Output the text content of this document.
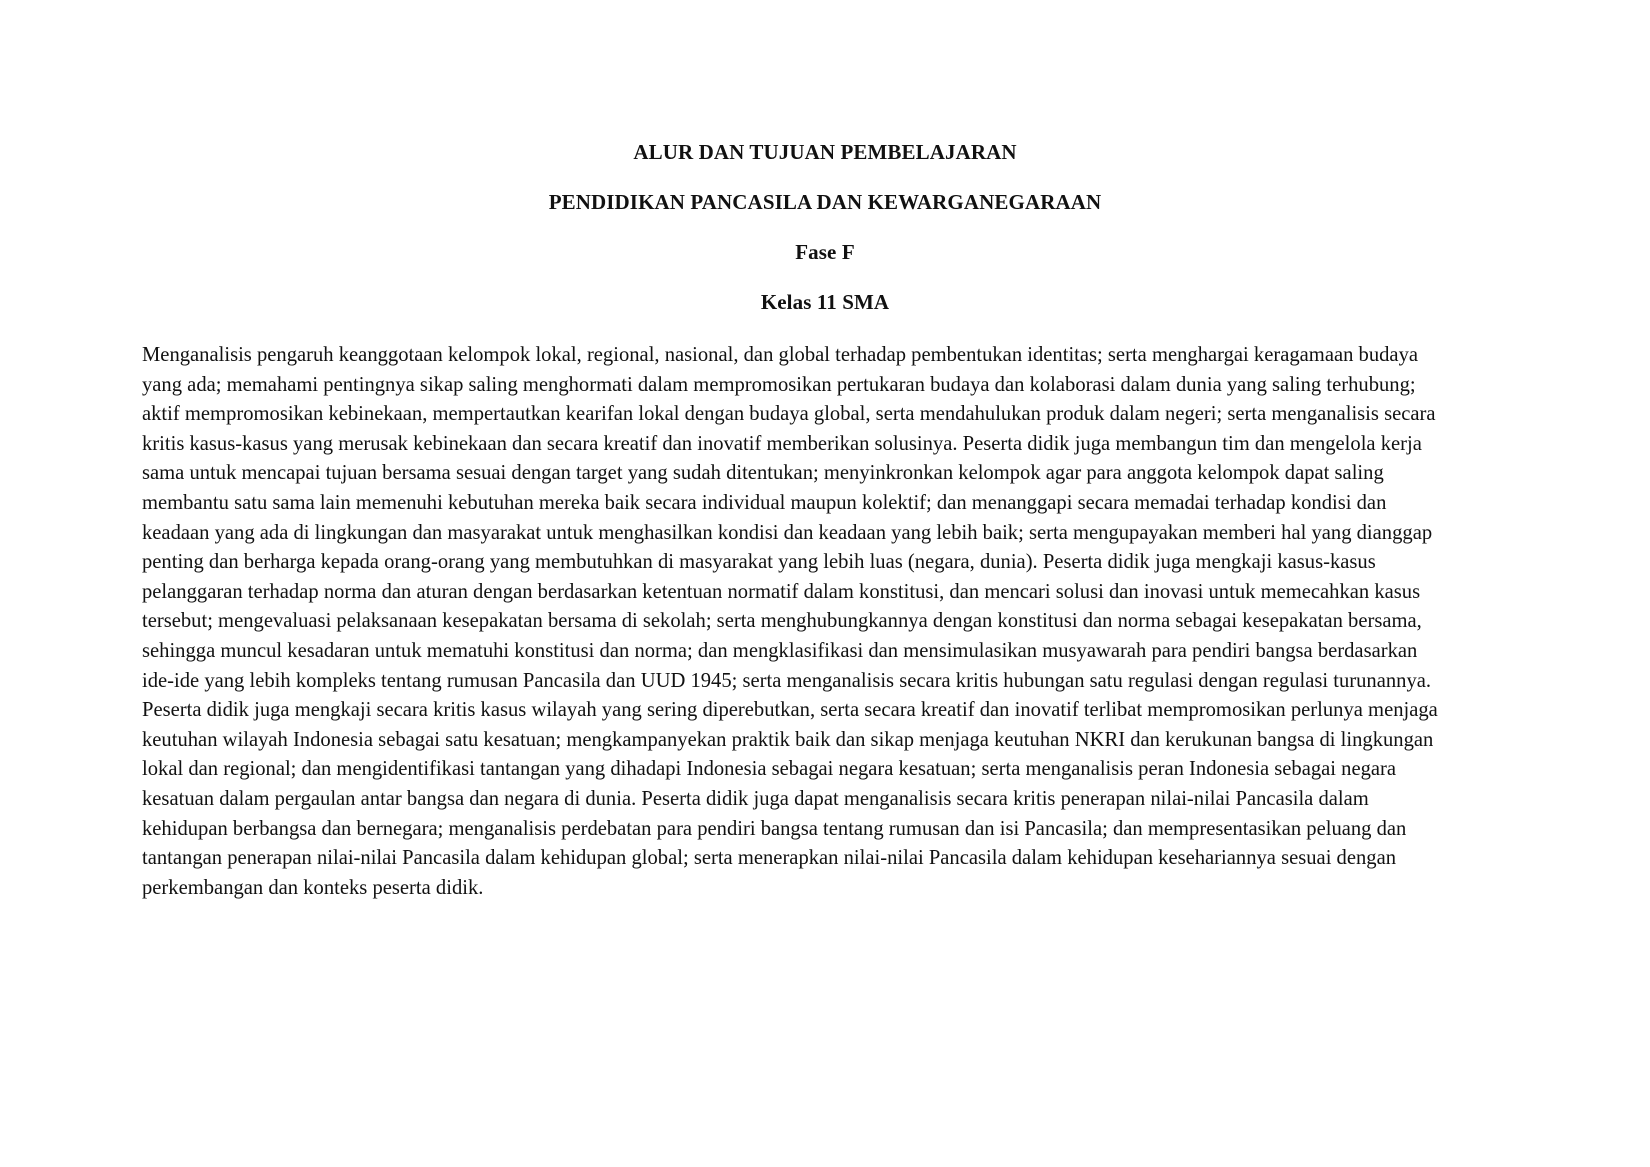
ALUR DAN TUJUAN PEMBELAJARAN
PENDIDIKAN PANCASILA DAN KEWARGANEGARAAN
Fase F
Kelas 11 SMA

Menganalisis pengaruh keanggotaan kelompok lokal, regional, nasional, dan global terhadap pembentukan identitas; serta menghargai keragamaan budaya
yang ada; memahami pentingnya sikap saling menghormati dalam mempromosikan pertukaran budaya dan kolaborasi dalam dunia yang saling terhubung;
aktif mempromosikan kebinekaan, mempertautkan kearifan lokal dengan budaya global, serta mendahulukan produk dalam negeri; serta menganalisis secara
kritis kasus-kasus yang merusak kebinekaan dan secara kreatif dan inovatif memberikan solusinya. Peserta didik juga membangun tim dan mengelola kerja
sama untuk mencapai tujuan bersama sesuai dengan target yang sudah ditentukan; menyinkronkan kelompok agar para anggota kelompok dapat saling
membantu satu sama lain memenuhi kebutuhan mereka baik secara individual maupun kolektif; dan menanggapi secara memadai terhadap kondisi dan
keadaan yang ada di lingkungan dan masyarakat untuk menghasilkan kondisi dan keadaan yang lebih baik; serta mengupayakan memberi hal yang dianggap
penting dan berharga kepada orang-orang yang membutuhkan di masyarakat yang lebih luas (negara, dunia). Peserta didik juga mengkaji kasus-kasus
pelanggaran terhadap norma dan aturan dengan berdasarkan ketentuan normatif dalam konstitusi, dan mencari solusi dan inovasi untuk memecahkan kasus
tersebut; mengevaluasi pelaksanaan kesepakatan bersama di sekolah; serta menghubungkannya dengan konstitusi dan norma sebagai kesepakatan bersama,
sehingga muncul kesadaran untuk mematuhi konstitusi dan norma; dan mengklasifikasi dan mensimulasikan musyawarah para pendiri bangsa berdasarkan
ide-ide yang lebih kompleks tentang rumusan Pancasila dan UUD 1945; serta menganalisis secara kritis hubungan satu regulasi dengan regulasi turunannya.
Peserta didik juga mengkaji secara kritis kasus wilayah yang sering diperebutkan, serta secara kreatif dan inovatif terlibat mempromosikan perlunya menjaga
keutuhan wilayah Indonesia sebagai satu kesatuan; mengkampanyekan praktik baik dan sikap menjaga keutuhan NKRI dan kerukunan bangsa di lingkungan
lokal dan regional; dan mengidentifikasi tantangan yang dihadapi Indonesia sebagai negara kesatuan; serta menganalisis peran Indonesia sebagai negara
kesatuan dalam pergaulan antar bangsa dan negara di dunia. Peserta didik juga dapat menganalisis secara kritis penerapan nilai-nilai Pancasila dalam
kehidupan berbangsa dan bernegara; menganalisis perdebatan para pendiri bangsa tentang rumusan dan isi Pancasila; dan mempresentasikan peluang dan
tantangan penerapan nilai-nilai Pancasila dalam kehidupan global; serta menerapkan nilai-nilai Pancasila dalam kehidupan kesehariannya sesuai dengan
perkembangan dan konteks peserta didik.
